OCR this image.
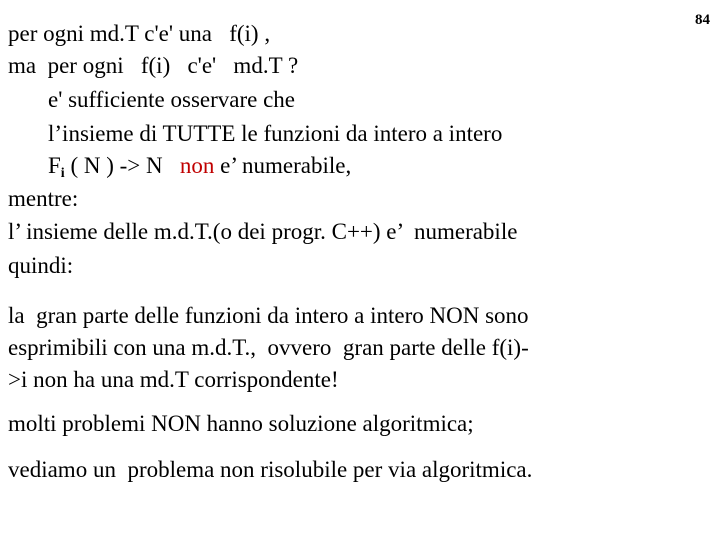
84
per ogni md.T c'e' una   f(i) ,
ma  per ogni   f(i)   c'e'   md.T ?
e' sufficiente osservare che
l’insieme di TUTTE le funzioni da intero a intero
$F_i$ ( N ) -> N   non e’ numerabile,
mentre:
l’ insieme delle m.d.T.(o dei progr. C++) e’  numerabile
quindi:
la  gran parte delle funzioni da intero a intero NON sono
esprimibili con una m.d.T.,  ovvero  gran parte delle f(i)-
>i non ha una md.T corrispondente!
molti problemi NON hanno soluzione algoritmica;
vediamo un  problema non risolubile per via algoritmica.
